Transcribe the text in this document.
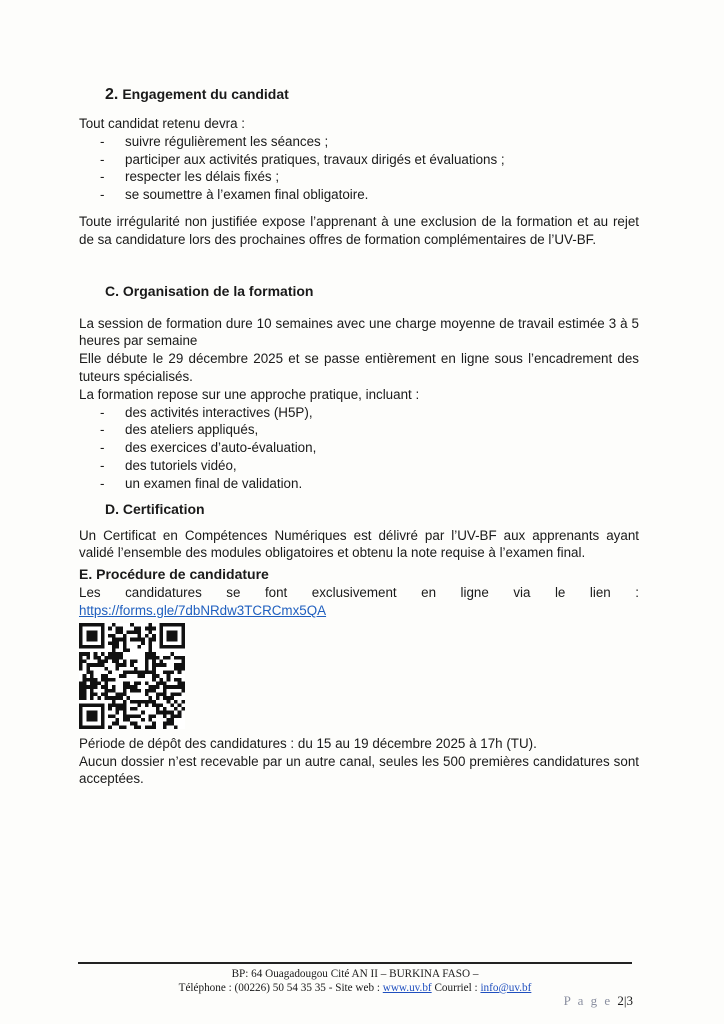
2. Engagement du candidat

Tout candidat retenu devra :

- suivre régulièrement les séances ;
- participer aux activités pratiques, travaux dirigés et évaluations ;
- respecter les délais fixés ;
- se soumettre à l’examen final obligatoire.

Toute irrégularité non justifiée expose l’apprenant à une exclusion de la formation et au rejet de sa candidature lors des prochaines offres de formation complémentaires de l’UV-BF.

C. Organisation de la formation

La session de formation dure 10 semaines avec une charge moyenne de travail estimée 3 à 5 heures par semaine

Elle débute le 29 décembre 2025 et se passe entièrement en ligne sous l’encadrement des tuteurs spécialisés.

La formation repose sur une approche pratique, incluant :

- des activités interactives (H5P),
- des ateliers appliqués,
- des exercices d’auto-évaluation,
- des tutoriels vidéo,
- un examen final de validation.
D. Certification

Un Certificat en Compétences Numériques est délivré par l’UV-BF aux apprenants ayant validé l’ensemble des modules obligatoires et obtenu la note requise à l’examen final.

E. Procédure de candidature
Les candidatures se font exclusivement en ligne via le lien :
https://forms.gle/7dbNRdw3TCRCmx5QA

Période de dépôt des candidatures : du 15 au 19 décembre 2025 à 17h (TU).

Aucun dossier n’est recevable par un autre canal, seules les 500 premières candidatures sont acceptées.

BP: 64 Ouagadougou Cité AN II – BURKINA FASO –
Téléphone : (00226) 50 54 35 35 - Site web : www.uv.bf Courriel : info@uv.bf
P a g e 2|3
